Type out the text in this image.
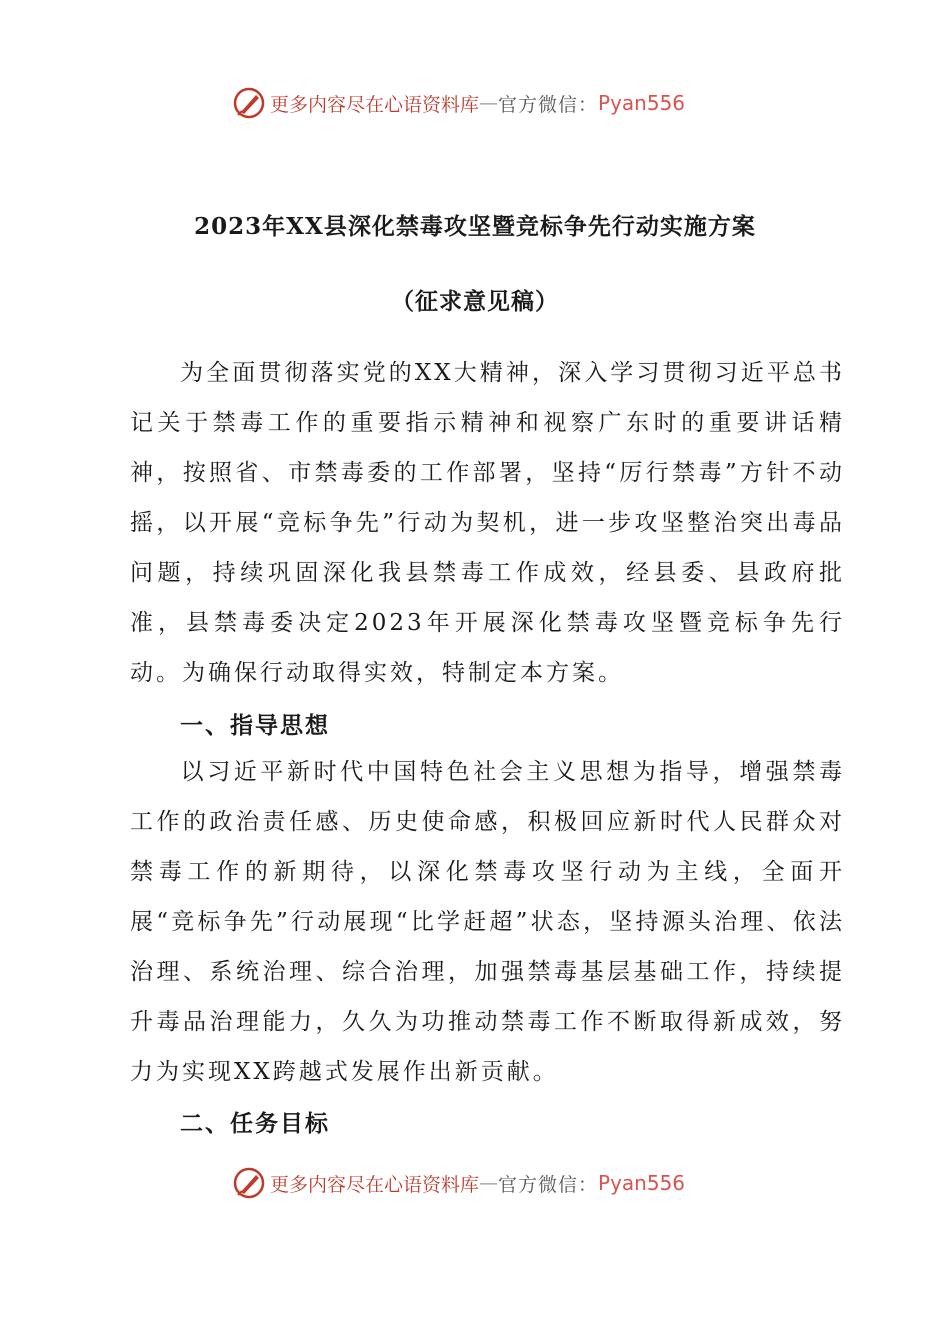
更多内容尽在心语资料库 — 官方微信： Pyan556
2023年XX县深化禁毒攻坚暨竞标争先行动实施方案
（征求意见稿）

为全面贯彻落实党的XX大精神，深入学习贯彻习近平总书记关于禁毒工作的重要指示精神和视察广东时的重要讲话精神，按照省、市禁毒委的工作部署，坚持“厉行禁毒”方针不动摇，以开展“竞标争先”行动为契机，进一步攻坚整治突出毒品问题，持续巩固深化我县禁毒工作成效，经县委、县政府批准，县禁毒委决定2023年开展深化禁毒攻坚暨竞标争先行动。为确保行动取得实效，特制定本方案。

一、指导思想

以习近平新时代中国特色社会主义思想为指导，增强禁毒工作的政治责任感、历史使命感，积极回应新时代人民群众对禁毒工作的新期待，以深化禁毒攻坚行动为主线，全面开展“竞标争先”行动展现“比学赶超”状态，坚持源头治理、依法治理、系统治理、综合治理，加强禁毒基层基础工作，持续提升毒品治理能力，久久为功推动禁毒工作不断取得新成效，努力为实现XX跨越式发展作出新贡献。

二、任务目标
更多内容尽在心语资料库 — 官方微信： Pyan556
